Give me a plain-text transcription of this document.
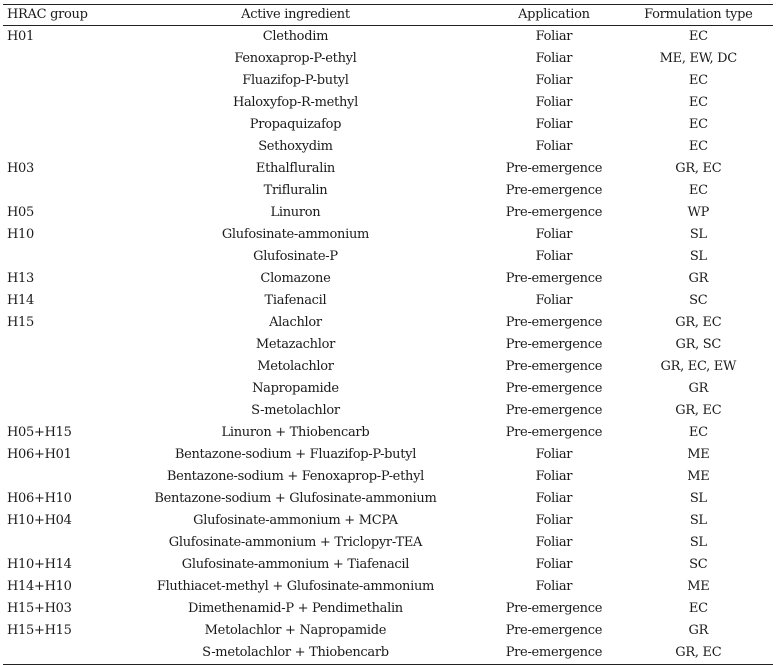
HRAC group	Active ingredient	Application	Formulation type
H01	Clethodim	Foliar	EC
	Fenoxaprop-P-ethyl	Foliar	ME, EW, DC
	Fluazifop-P-butyl	Foliar	EC
	Haloxyfop-R-methyl	Foliar	EC
	Propaquizafop	Foliar	EC
	Sethoxydim	Foliar	EC
H03	Ethalfluralin	Pre-emergence	GR, EC
	Trifluralin	Pre-emergence	EC
H05	Linuron	Pre-emergence	WP
H10	Glufosinate-ammonium	Foliar	SL
	Glufosinate-P	Foliar	SL
H13	Clomazone	Pre-emergence	GR
H14	Tiafenacil	Foliar	SC
H15	Alachlor	Pre-emergence	GR, EC
	Metazachlor	Pre-emergence	GR, SC
	Metolachlor	Pre-emergence	GR, EC, EW
	Napropamide	Pre-emergence	GR
	S-metolachlor	Pre-emergence	GR, EC
H05+H15	Linuron + Thiobencarb	Pre-emergence	EC
H06+H01	Bentazone-sodium + Fluazifop-P-butyl	Foliar	ME
	Bentazone-sodium + Fenoxaprop-P-ethyl	Foliar	ME
H06+H10	Bentazone-sodium + Glufosinate-ammonium	Foliar	SL
H10+H04	Glufosinate-ammonium + MCPA	Foliar	SL
	Glufosinate-ammonium + Triclopyr-TEA	Foliar	SL
H10+H14	Glufosinate-ammonium + Tiafenacil	Foliar	SC
H14+H10	Fluthiacet-methyl + Glufosinate-ammonium	Foliar	ME
H15+H03	Dimethenamid-P + Pendimethalin	Pre-emergence	EC
H15+H15	Metolachlor + Napropamide	Pre-emergence	GR
	S-metolachlor + Thiobencarb	Pre-emergence	GR, EC
